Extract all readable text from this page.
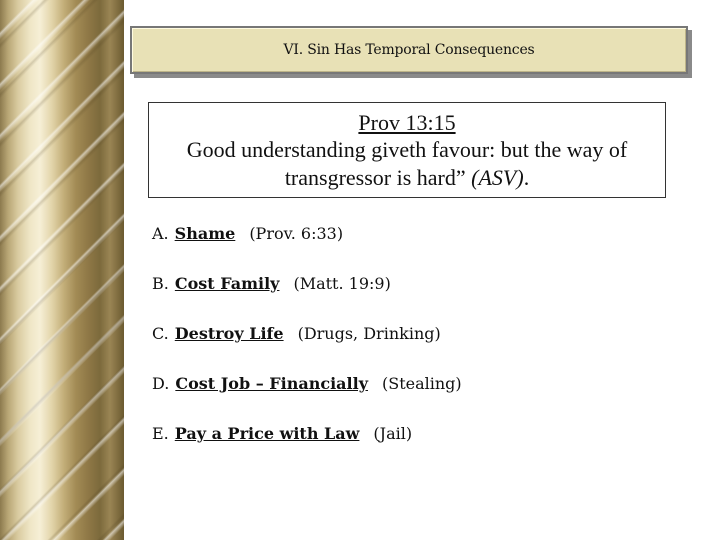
VI. Sin Has Temporal Consequences
Prov 13:15
Good understanding giveth favour: but the way of transgressor is hard” (ASV).
A. Shame (Prov. 6:33)
B. Cost Family (Matt. 19:9)
C. Destroy Life (Drugs, Drinking)
D. Cost Job – Financially (Stealing)
E. Pay a Price with Law (Jail)
